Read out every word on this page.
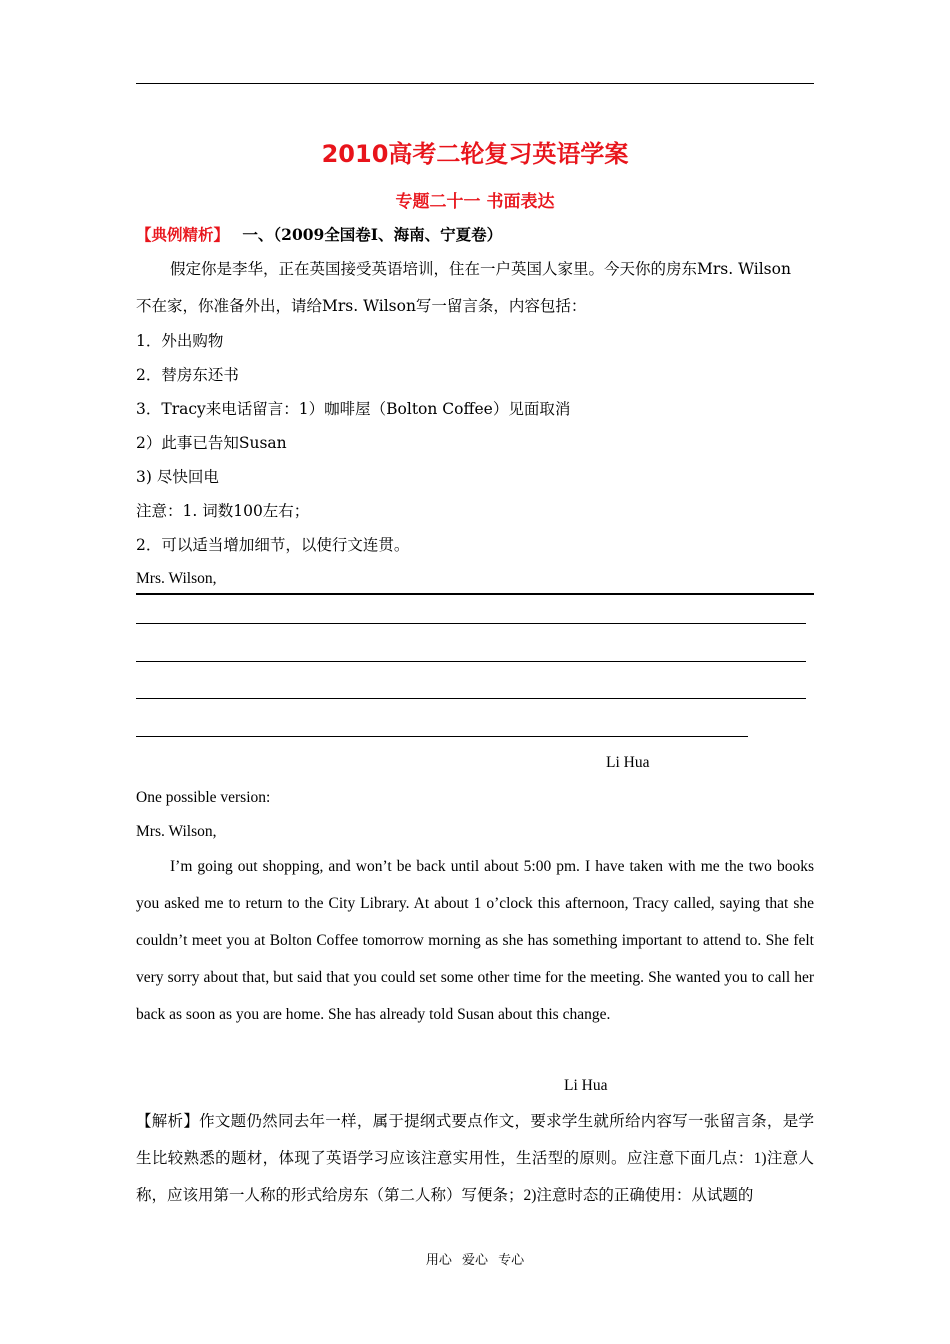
2010高考二轮复习英语学案
专题二十一 书面表达
【典例精析】 一、（2009全国卷I、海南、宁夏卷）
假定你是李华，正在英国接受英语培训，住在一户英国人家里。今天你的房东Mrs. Wilson
不在家，你准备外出，请给Mrs. Wilson写一留言条，内容包括：
1．外出购物
2．替房东还书
3．Tracy来电话留言：1）咖啡屋（Bolton Coffee）见面取消
2）此事已告知Susan
3) 尽快回电
注意：1. 词数100左右；
2．可以适当增加细节，以使行文连贯。
Mrs. Wilson,
Li Hua
One possible version:
Mrs. Wilson,
I’m going out shopping, and won’t be back until about 5:00 pm. I have taken with me the two books you asked me to return to the City Library. At about 1 o’clock this afternoon, Tracy called, saying that she couldn’t meet you at Bolton Coffee tomorrow morning as she has something important to attend to. She felt very sorry about that, but said that you could set some other time for the meeting. She wanted you to call her back as soon as you are home. She has already told Susan about this change.
Li Hua
【解析】作文题仍然同去年一样，属于提纲式要点作文，要求学生就所给内容写一张留言条，是学生比较熟悉的题材，体现了英语学习应该注意实用性，生活型的原则。应注意下面几点：1)注意人称，应该用第一人称的形式给房东（第二人称）写便条；2)注意时态的正确使用：从试题的
用心 爱心 专心
